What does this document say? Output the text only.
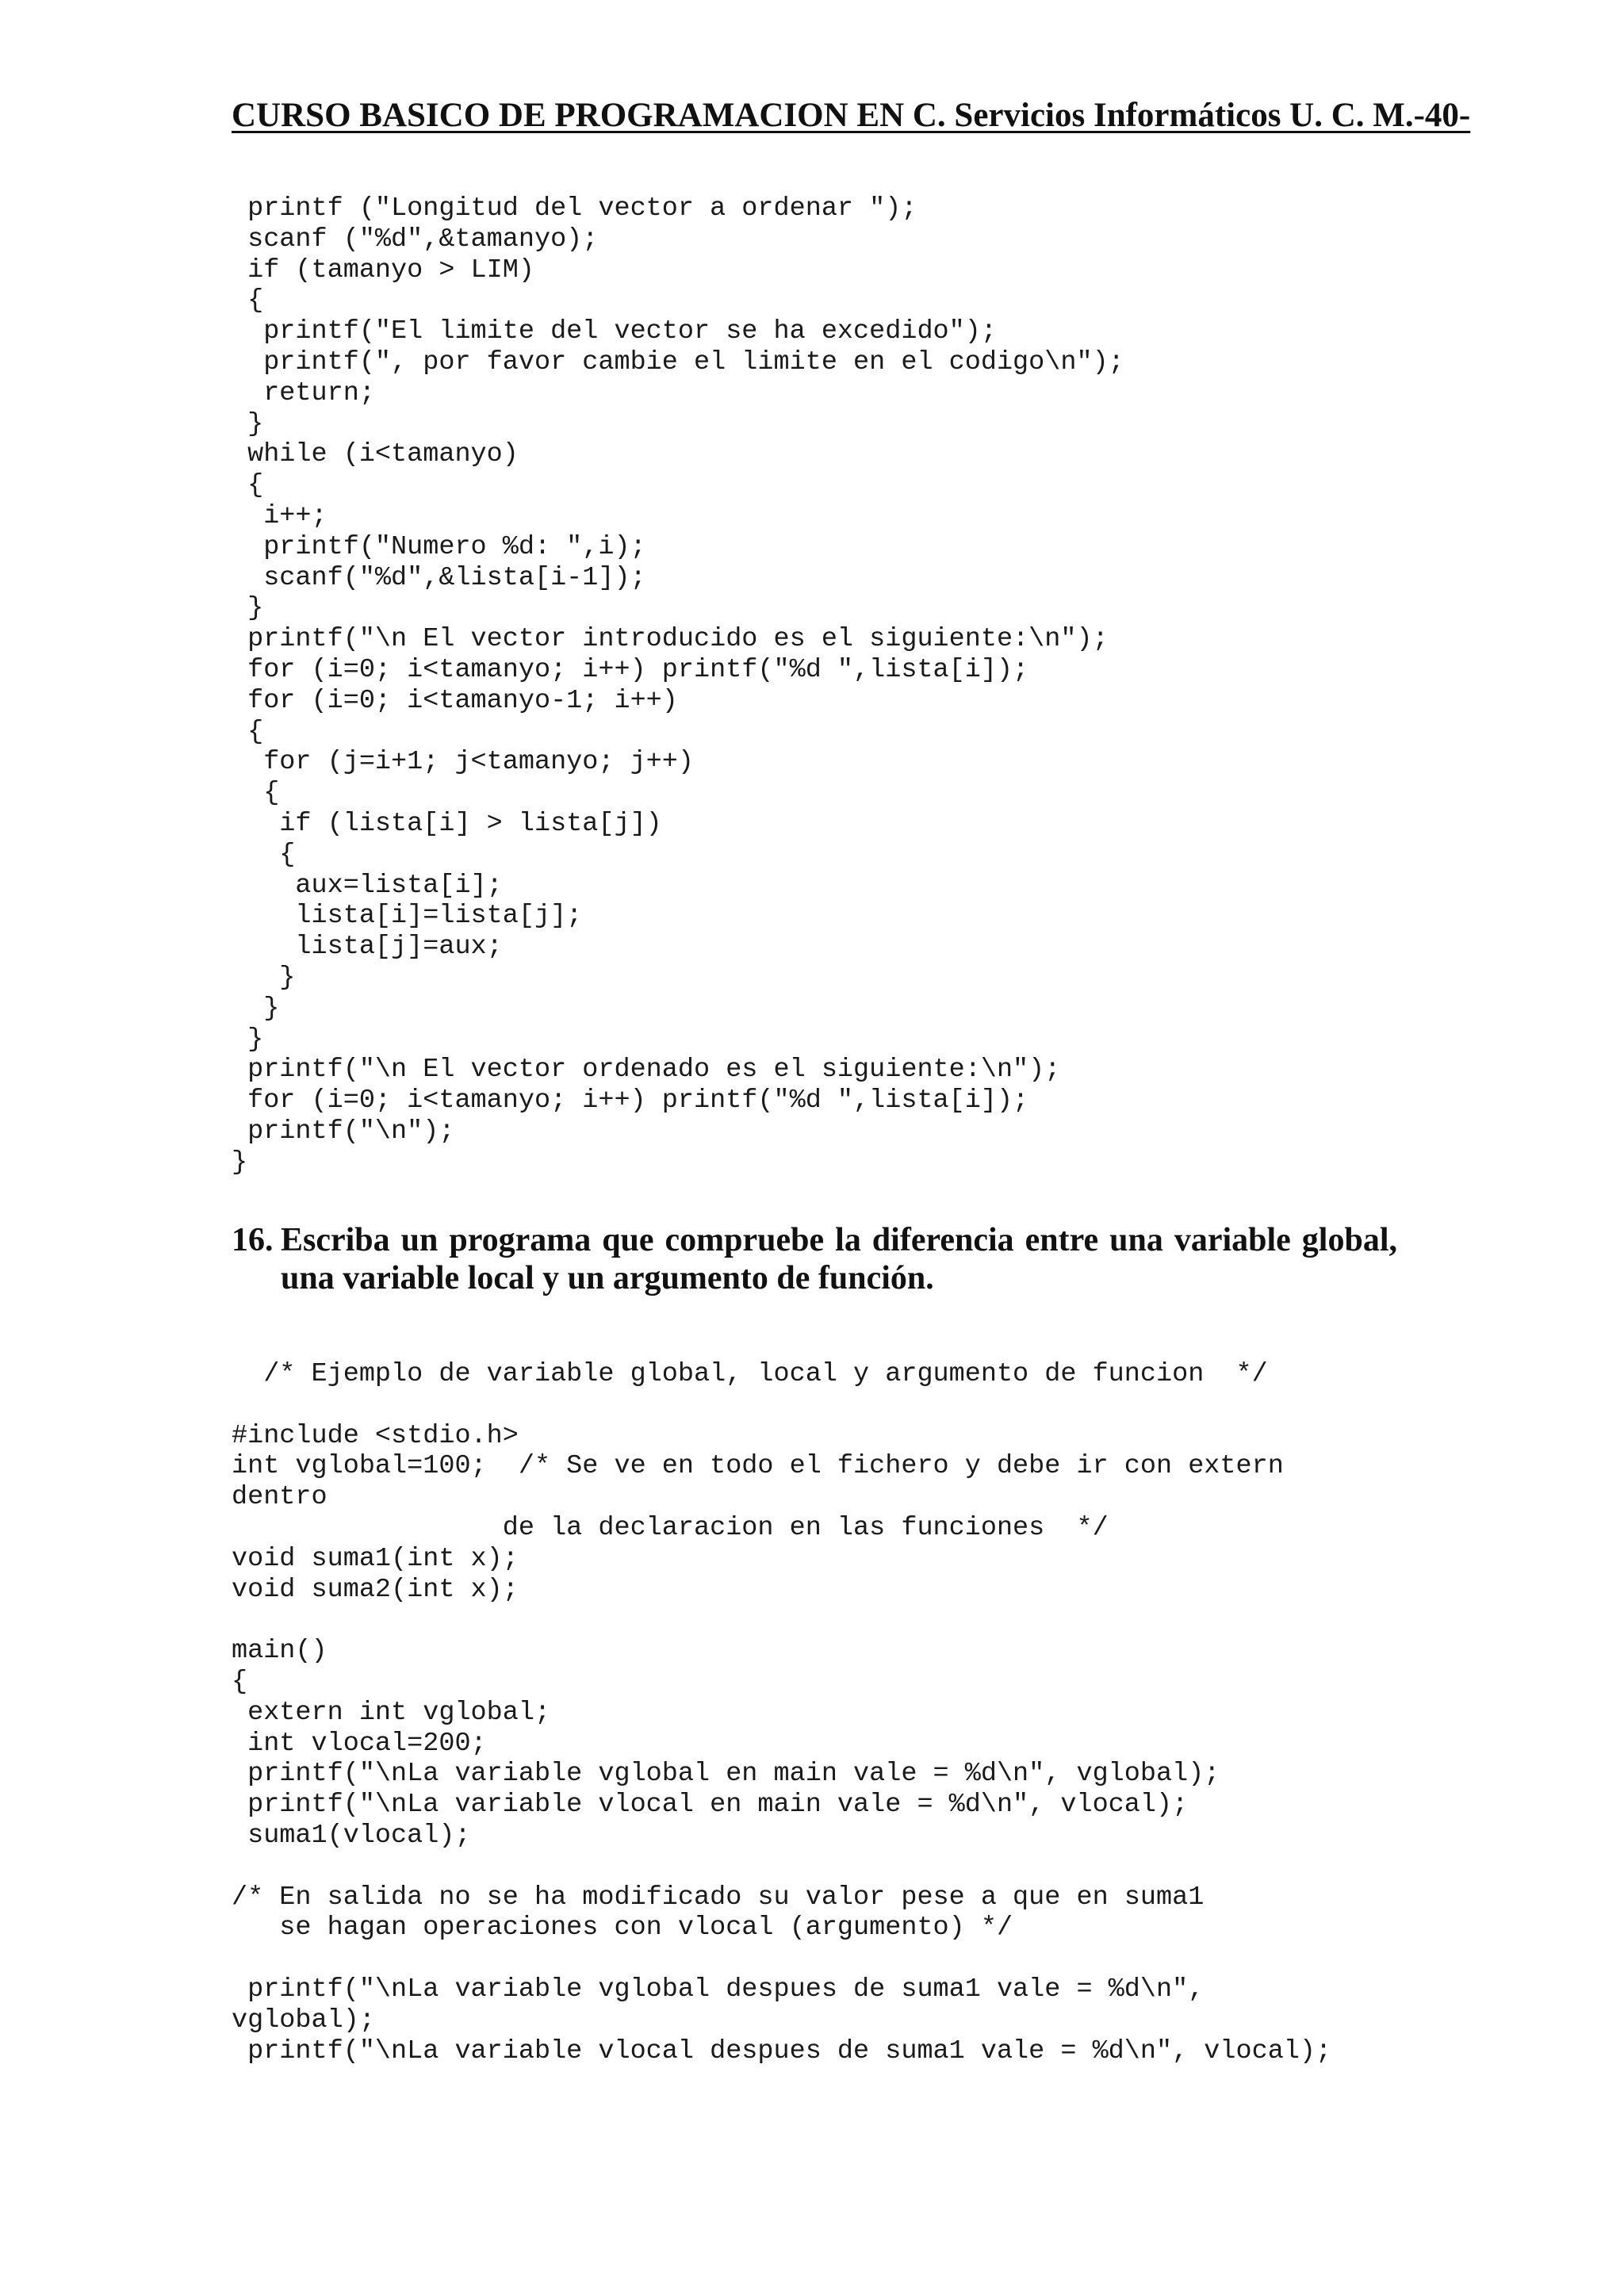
CURSO BASICO DE PROGRAMACION EN C. Servicios Informáticos U. C. M.-40-
printf ("Longitud del vector a ordenar ");
scanf ("%d",&tamanyo);
if (tamanyo > LIM)
{
printf("El limite del vector se ha excedido");
printf(", por favor cambie el limite en el codigo\n");
return;
}
while (i<tamanyo)
{
i++;
printf("Numero %d: ",i);
scanf("%d",&lista[i-1]);
}
printf("\n El vector introducido es el siguiente:\n");
for (i=0; i<tamanyo; i++) printf("%d ",lista[i]);
for (i=0; i<tamanyo-1; i++)
{
for (j=i+1; j<tamanyo; j++)
{
if (lista[i] > lista[j])
{
aux=lista[i];
lista[i]=lista[j];
lista[j]=aux;
}
}
}
printf("\n El vector ordenado es el siguiente:\n");
for (i=0; i<tamanyo; i++) printf("%d ",lista[i]);
printf("\n");
}
16. Escriba un programa que compruebe la diferencia entre una variable global, una variable local y un argumento de función.
/* Ejemplo de variable global, local y argumento de funcion  */

#include <stdio.h>
int vglobal=100;  /* Se ve en todo el fichero y debe ir con extern
dentro
de la declaracion en las funciones  */
void suma1(int x);
void suma2(int x);

main()
{
extern int vglobal;
int vlocal=200;
printf("\nLa variable vglobal en main vale = %d\n", vglobal);
printf("\nLa variable vlocal en main vale = %d\n", vlocal);
suma1(vlocal);

/* En salida no se ha modificado su valor pese a que en suma1
se hagan operaciones con vlocal (argumento) */

printf("\nLa variable vglobal despues de suma1 vale = %d\n",
vglobal);
printf("\nLa variable vlocal despues de suma1 vale = %d\n", vlocal);
